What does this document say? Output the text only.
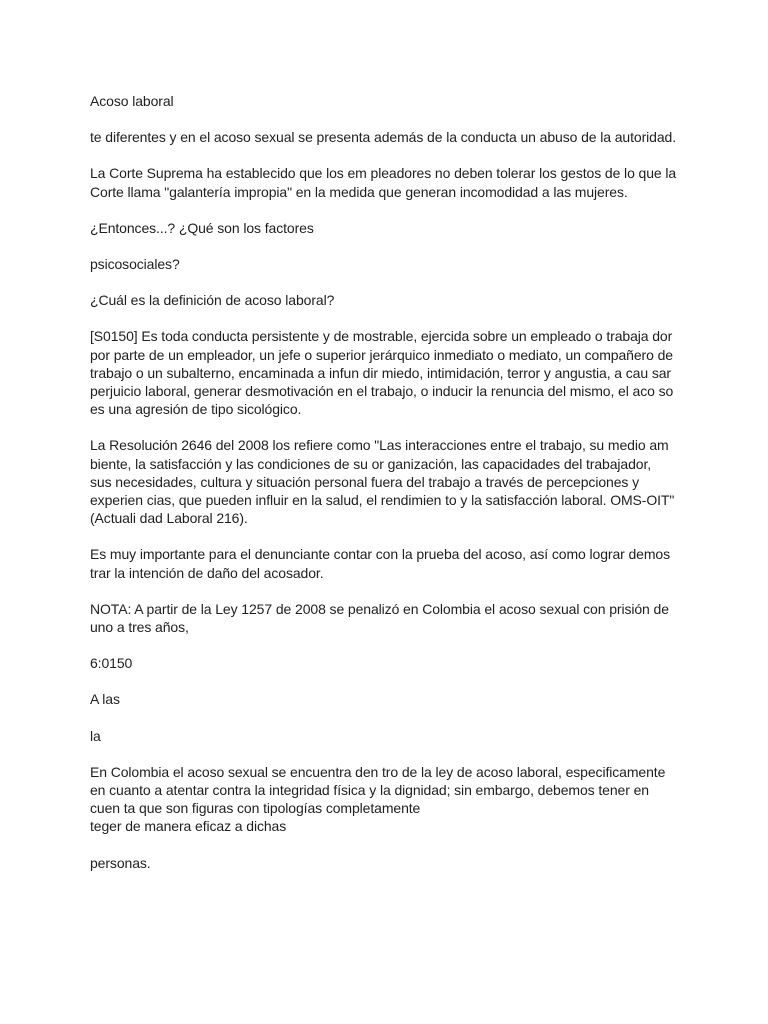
Acoso laboral

te diferentes y en el acoso sexual se presenta además de la conducta un abuso de la autoridad.

La Corte Suprema ha establecido que los em pleadores no deben tolerar los gestos de lo que la
Corte llama "galantería impropia" en la medida que generan incomodidad a las mujeres.

¿Entonces...? ¿Qué son los factores

psicosociales?

¿Cuál es la definición de acoso laboral?

[S0150] Es toda conducta persistente y de mostrable, ejercida sobre un empleado o trabaja dor
por parte de un empleador, un jefe o superior jerárquico inmediato o mediato, un compañero de
trabajo o un subalterno, encaminada a infun dir miedo, intimidación, terror y angustia, a cau sar
perjuicio laboral, generar desmotivación en el trabajo, o inducir la renuncia del mismo, el aco so
es una agresión de tipo sicológico.

La Resolución 2646 del 2008 los refiere como "Las interacciones entre el trabajo, su medio am
biente, la satisfacción y las condiciones de su or ganización, las capacidades del trabajador,
sus necesidades, cultura y situación personal fuera del trabajo a través de percepciones y
experien cias, que pueden influir en la salud, el rendimien to y la satisfacción laboral. OMS-OIT"
(Actuali dad Laboral 216).

Es muy importante para el denunciante contar con la prueba del acoso, así como lograr demos
trar la intención de daño del acosador.

NOTA: A partir de la Ley 1257 de 2008 se penalizó en Colombia el acoso sexual con prisión de
uno a tres años,

6:0150

A las

la

En Colombia el acoso sexual se encuentra den tro de la ley de acoso laboral, especificamente
en cuanto a atentar contra la integridad física y la dignidad; sin embargo, debemos tener en
cuen ta que son figuras con tipologías completamente
teger de manera eficaz a dichas

personas.
